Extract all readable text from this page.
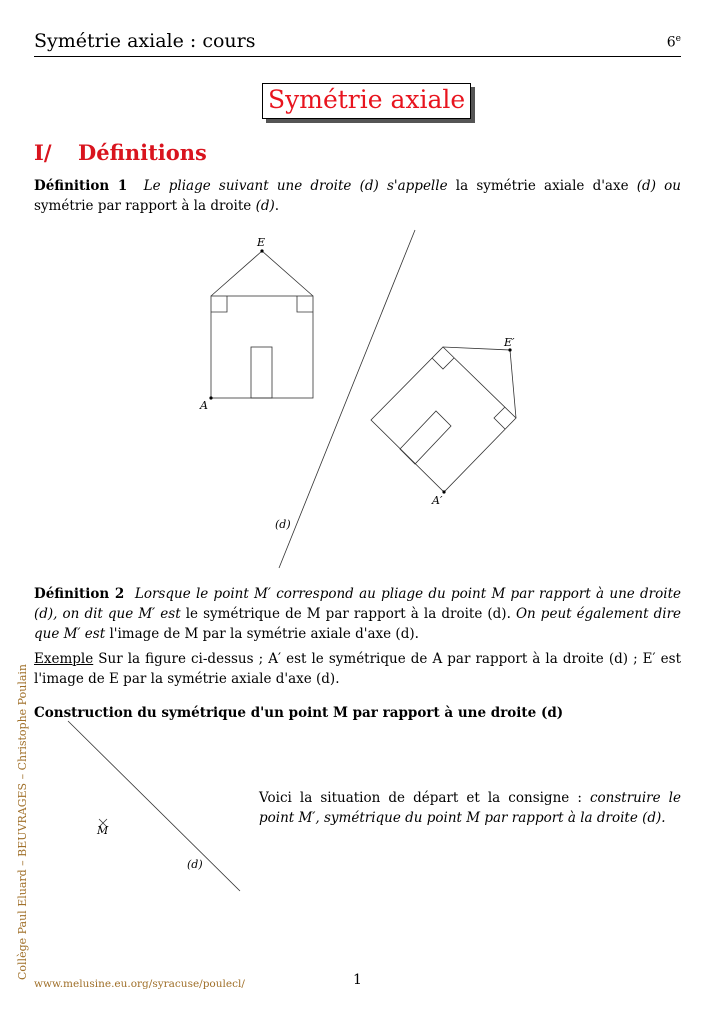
Symétrie axiale : cours	6e
Symétrie axiale
I/ Définitions
Définition 1 Le pliage suivant une droite (d) s'appelle la symétrie axiale d'axe (d) ou symétrie par rapport à la droite (d).
E
A
E′
A′
(d)
M
(d)
Définition 2 Lorsque le point M′ correspond au pliage du point M par rapport à une droite (d), on dit que M′ est le symétrique de M par rapport à la droite (d). On peut également dire que M′ est l'image de M par la symétrie axiale d'axe (d).
Exemple Sur la figure ci-dessus ; A′ est le symétrique de A par rapport à la droite (d) ; E′ est l'image de E par la symétrie axiale d'axe (d).
Construction du symétrique d'un point M par rapport à une droite (d)
Voici la situation de départ et la consigne : construire le point M′, symétrique du point M par rapport à la droite (d).
Collège Paul Eluard – BEUVRAGES – Christophe Poulain
www.melusine.eu.org/syracuse/poulecl/	1
